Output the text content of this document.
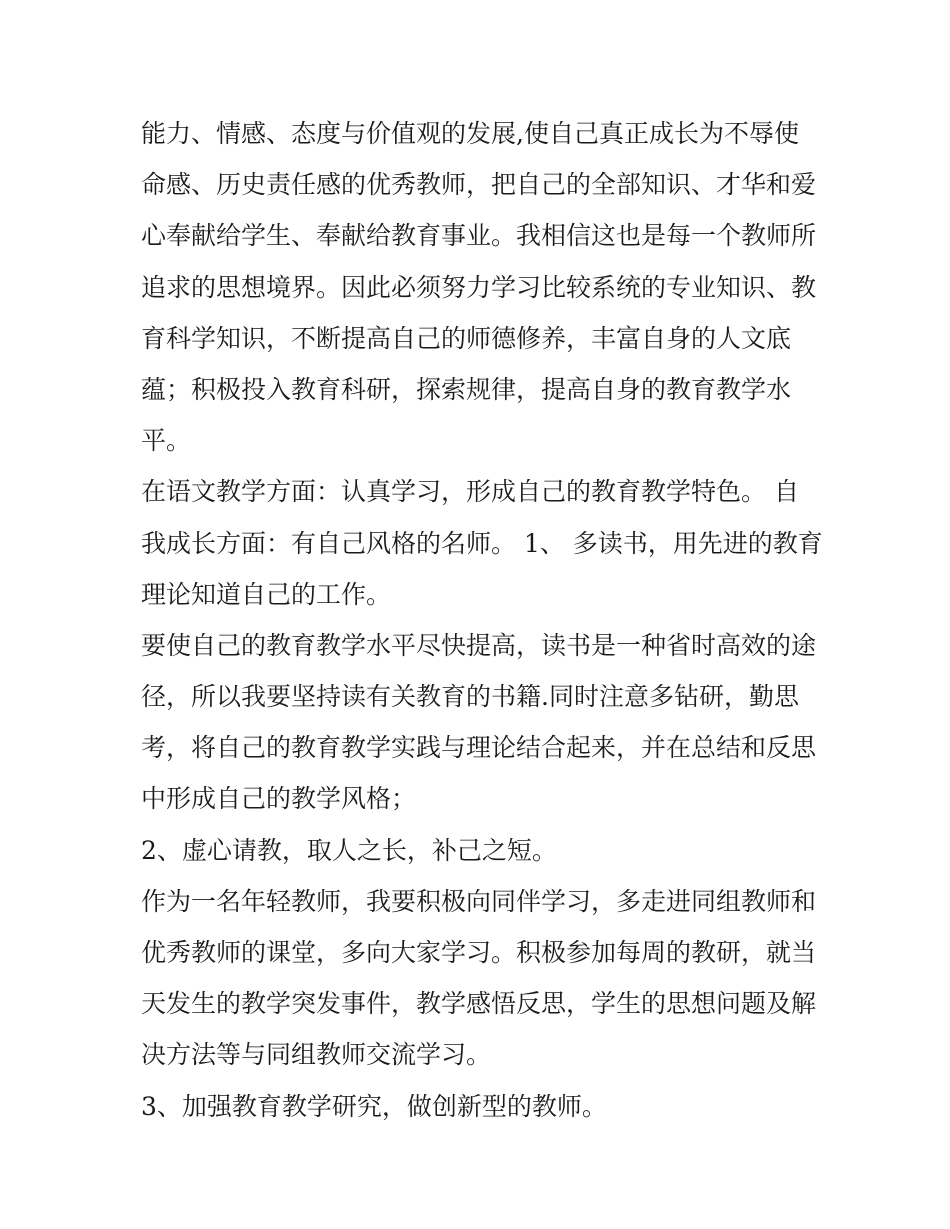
能力、情感、态度与价值观的发展,使自己真正成长为不辱使
命感、历史责任感的优秀教师，把自己的全部知识、才华和爱
心奉献给学生、奉献给教育事业。我相信这也是每一个教师所
追求的思想境界。因此必须努力学习比较系统的专业知识、教
育科学知识，不断提高自己的师德修养，丰富自身的人文底
蕴；积极投入教育科研，探索规律，提高自身的教育教学水
平。
在语文教学方面：认真学习，形成自己的教育教学特色。 自
我成长方面：有自己风格的名师。 1、 多读书，用先进的教育
理论知道自己的工作。
要使自己的教育教学水平尽快提高，读书是一种省时高效的途
径，所以我要坚持读有关教育的书籍.同时注意多钻研，勤思
考，将自己的教育教学实践与理论结合起来，并在总结和反思
中形成自己的教学风格；
2、虚心请教，取人之长，补己之短。
作为一名年轻教师，我要积极向同伴学习，多走进同组教师和
优秀教师的课堂，多向大家学习。积极参加每周的教研，就当
天发生的教学突发事件，教学感悟反思，学生的思想问题及解
决方法等与同组教师交流学习。
3、加强教育教学研究，做创新型的教师。
